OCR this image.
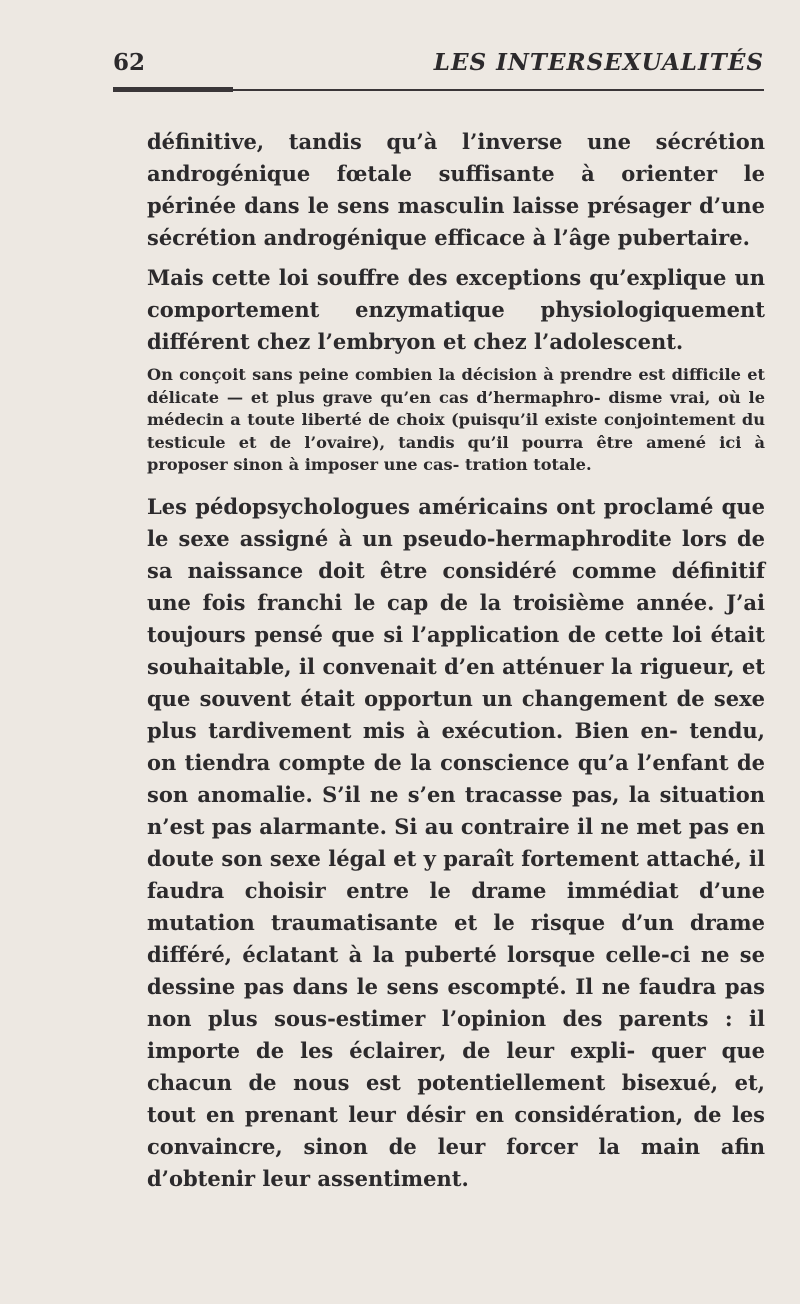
62	LES INTERSEXUALITÉS

définitive, tandis qu’à l’inverse une sécrétion androgénique fœtale suffisante à orienter le périnée dans le sens masculin laisse présager d’une sécrétion androgénique efficace à l’âge pubertaire.

Mais cette loi souffre des exceptions qu’explique un comportement enzymatique physiologiquement différent chez l’embryon et chez l’adolescent.

On conçoit sans peine combien la décision à prendre est difficile et délicate — et plus grave qu’en cas d’hermaphro- disme vrai, où le médecin a toute liberté de choix (puisqu’il existe conjointement du testicule et de l’ovaire), tandis qu’il pourra être amené ici à proposer sinon à imposer une cas- tration totale.

Les pédopsychologues américains ont proclamé que le sexe assigné à un pseudo-hermaphrodite lors de sa naissance doit être considéré comme définitif une fois franchi le cap de la troisième année. J’ai toujours pensé que si l’application de cette loi était souhaitable, il convenait d’en atténuer la rigueur, et que souvent était opportun un changement de sexe plus tardivement mis à exécution. Bien en- tendu, on tiendra compte de la conscience qu’a l’enfant de son anomalie. S’il ne s’en tracasse pas, la situation n’est pas alarmante. Si au contraire il ne met pas en doute son sexe légal et y paraît fortement attaché, il faudra choisir entre le drame immédiat d’une mutation traumatisante et le risque d’un drame différé, éclatant à la puberté lorsque celle-ci ne se dessine pas dans le sens escompté. Il ne faudra pas non plus sous-estimer l’opinion des parents : il importe de les éclairer, de leur expli- quer que chacun de nous est potentiellement bisexué, et, tout en prenant leur désir en considération, de les convaincre, sinon de leur forcer la main afin d’obtenir leur assentiment.
